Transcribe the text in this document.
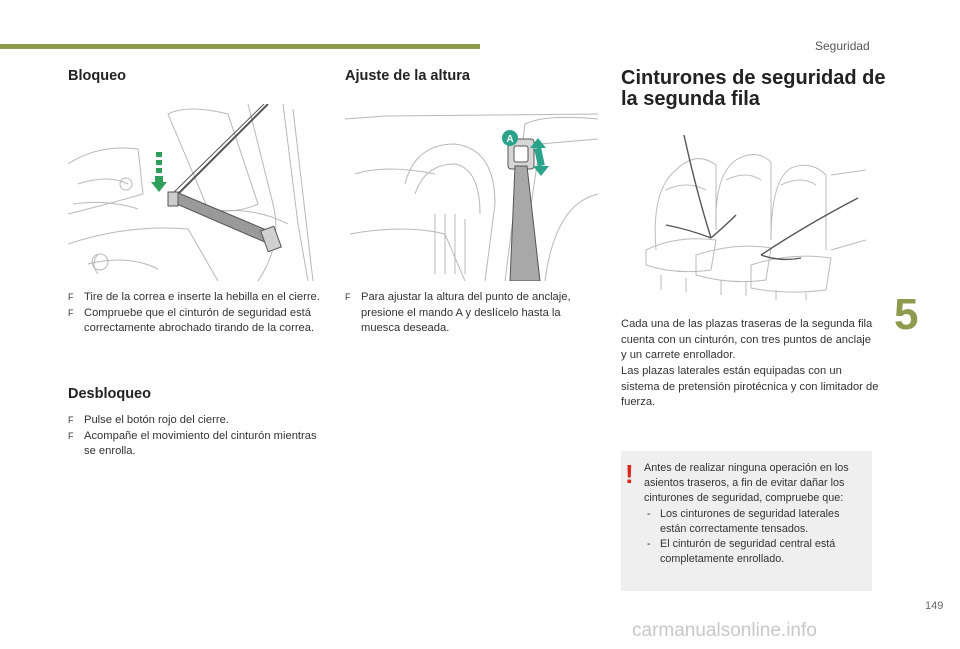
Seguridad
Bloqueo
F Tire de la correa e inserte la hebilla en el cierre.
F Compruebe que el cinturón de seguridad está correctamente abrochado tirando de la correa.
Desbloqueo
F Pulse el botón rojo del cierre.
F Acompañe el movimiento del cinturón mientras se enrolla.
Ajuste de la altura
A
F Para ajustar la altura del punto de anclaje, presione el mando A y deslícelo hasta la muesca deseada.
Cinturones de seguridad de la segunda fila
Cada una de las plazas traseras de la segunda fila cuenta con un cinturón, con tres puntos de anclaje y un carrete enrollador.
Las plazas laterales están equipadas con un sistema de pretensión pirotécnica y con limitador de fuerza.
! Antes de realizar ninguna operación en los asientos traseros, a fin de evitar dañar los cinturones de seguridad, compruebe que:
- Los cinturones de seguridad laterales están correctamente tensados.
- El cinturón de seguridad central está completamente enrollado.
5
149
carmanualsonline.info
